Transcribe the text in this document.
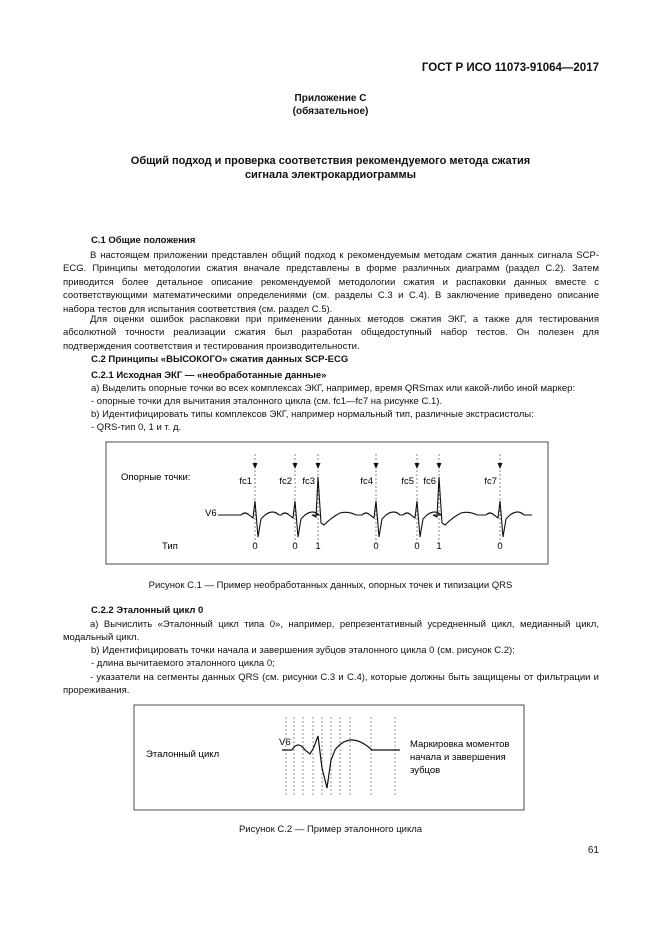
ГОСТ Р ИСО 11073-91064—2017
Приложение С
(обязательное)
Общий подход и проверка соответствия рекомендуемого метода сжатия
сигнала электрокардиограммы
С.1 Общие положения
В настоящем приложении представлен общий подход к рекомендуемым методам сжатия данных сигнала SCP-ECG. Принципы методологии сжатия вначале представлены в форме различных диаграмм (раздел С.2). Затем приводится более детальное описание рекомендуемой методологии сжатия и распаковки данных вместе с соответствующими математическими определениями (см. разделы С.3 и С.4). В заключение приведено описание набора тестов для испытания соответствия (см. раздел С.5).
Для оценки ошибок распаковки при применении данных методов сжатия ЭКГ, а также для тестирования абсолютной точности реализации сжатия был разработан общедоступный набор тестов. Он полезен для подтверждения соответствия и тестирования производительности.
С.2 Принципы «ВЫСОКОГО» сжатия данных SCP-ECG
С.2.1 Исходная ЭКГ — «необработанные данные»
a) Выделить опорные точки во всех комплексах ЭКГ, например, время QRSmax или какой-либо иной маркер:
- опорные точки для вычитания эталонного цикла (см. fc1—fc7 на рисунке С.1).
b) Идентифицировать типы комплексов ЭКГ, например нормальный тип, различные экстрасистолы:
- QRS-тип 0, 1 и т. д.
Опорные точки:
V6
Тип
fc1
0
fc2
0
fc3
1
fc4
0
fc5
0
fc6
1
fc7
0
Рисунок С.1 — Пример необработанных данных, опорных точек и типизации QRS
С.2.2 Эталонный цикл 0
a) Вычислить «Эталонный цикл типа 0», например, репрезентативный усредненный цикл, медианный цикл, модальный цикл.
b) Идентифицировать точки начала и завершения зубцов эталонного цикла 0 (см. рисунок С.2):
- длина вычитаемого эталонного цикла 0;
- указатели на сегменты данных QRS (см. рисунки С.3 и С.4), которые должны быть защищены от фильтрации и прореживания.
Эталонный цикл
V6	Маркировка моментов
начала и завершения
зубцов
Рисунок С.2 — Пример эталонного цикла
61
